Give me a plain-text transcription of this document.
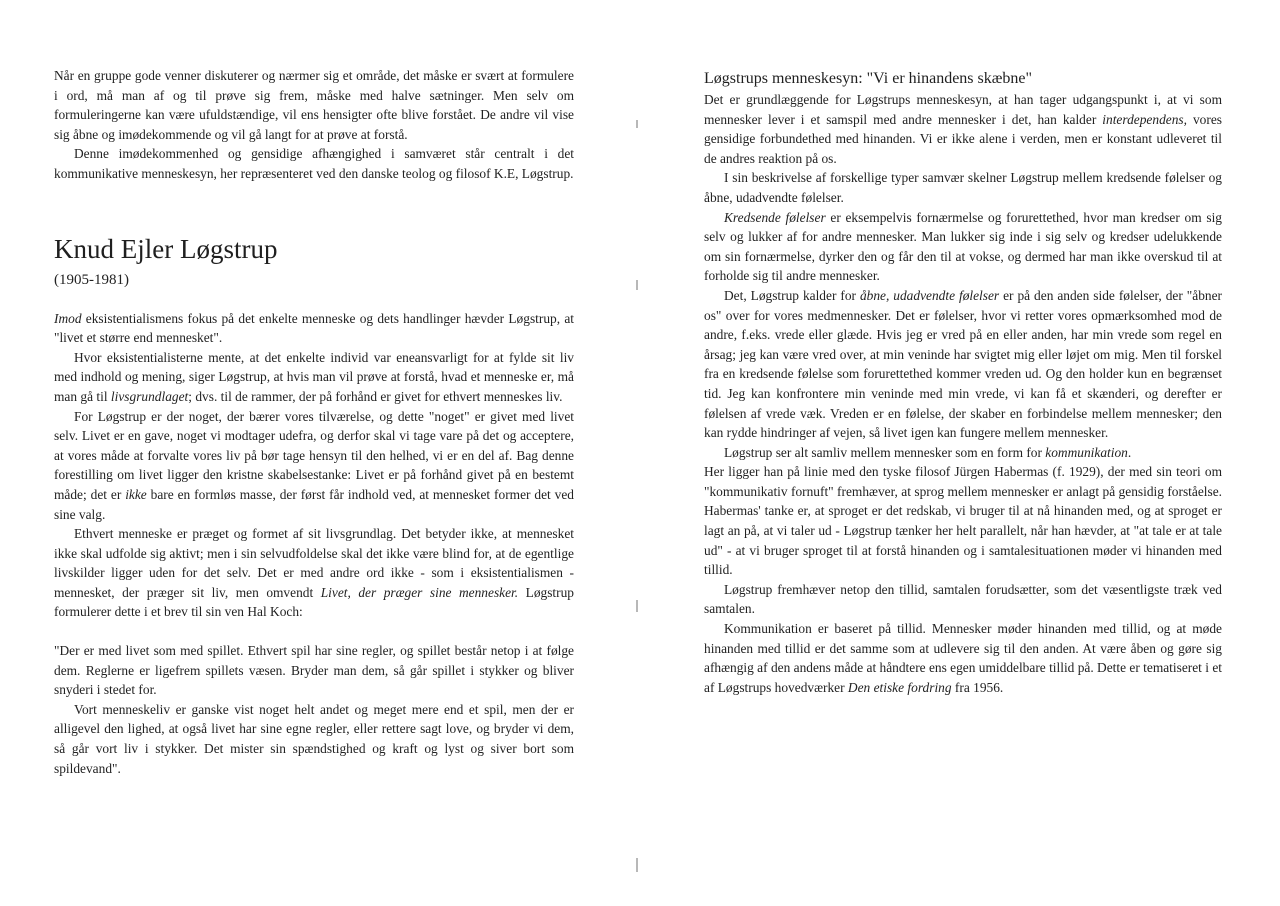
Når en gruppe gode venner diskuterer og nærmer sig et område, det måske er svært at formulere i ord, må man af og til prøve sig frem, måske med halve sætninger. Men selv om formuleringerne kan være ufuldstændige, vil ens hensigter ofte blive forstået. De andre vil vise sig åbne og imødekommende og vil gå langt for at prøve at forstå.

Denne imødekommenhed og gensidige afhængighed i samværet står centralt i det kommunikative menneskesyn, her repræsenteret ved den danske teolog og filosof K.E, Løgstrup.

Knud Ejler Løgstrup
(1905-1981)

Imod eksistentialismens fokus på det enkelte menneske og dets handlinger hævder Løgstrup, at "livet et større end mennesket".

Hvor eksistentialisterne mente, at det enkelte individ var eneansvarligt for at fylde sit liv med indhold og mening, siger Løgstrup, at hvis man vil prøve at forstå, hvad et menneske er, må man gå til livsgrundlaget; dvs. til de rammer, der på forhånd er givet for ethvert menneskes liv.

For Løgstrup er der noget, der bærer vores tilværelse, og dette "noget" er givet med livet selv. Livet er en gave, noget vi modtager udefra, og derfor skal vi tage vare på det og acceptere, at vores måde at forvalte vores liv på bør tage hensyn til den helhed, vi er en del af. Bag denne forestilling om livet ligger den kristne skabelsestanke: Livet er på forhånd givet på en bestemt måde; det er ikke bare en formløs masse, der først får indhold ved, at mennesket former det ved sine valg.

Ethvert menneske er præget og formet af sit livsgrundlag. Det betyder ikke, at mennesket ikke skal udfolde sig aktivt; men i sin selvudfoldelse skal det ikke være blind for, at de egentlige livskilder ligger uden for det selv. Det er med andre ord ikke - som i eksistentialismen - mennesket, der præger sit liv, men omvendt Livet, der præger sine mennesker. Løgstrup formulerer dette i et brev til sin ven Hal Koch:

"Der er med livet som med spillet. Ethvert spil har sine regler, og spillet består netop i at følge dem. Reglerne er ligefrem spillets væsen. Bryder man dem, så går spillet i stykker og bliver snyderi i stedet for.

Vort menneskeliv er ganske vist noget helt andet og meget mere end et spil, men der er alligevel den lighed, at også livet har sine egne regler, eller rettere sagt love, og bryder vi dem, så går vort liv i stykker. Det mister sin spændstighed og kraft og lyst og siver bort som spildevand".

Løgstrups menneskesyn: "Vi er hinandens skæbne"

Det er grundlæggende for Løgstrups menneskesyn, at han tager udgangspunkt i, at vi som mennesker lever i et samspil med andre mennesker i det, han kalder interdependens, vores gensidige forbundethed med hinanden. Vi er ikke alene i verden, men er konstant udleveret til de andres reaktion på os.

I sin beskrivelse af forskellige typer samvær skelner Løgstrup mellem kredsende følelser og åbne, udadvendte følelser.

Kredsende følelser er eksempelvis fornærmelse og forurettethed, hvor man kredser om sig selv og lukker af for andre mennesker. Man lukker sig inde i sig selv og kredser udelukkende om sin fornærmelse, dyrker den og får den til at vokse, og dermed har man ikke overskud til at forholde sig til andre mennesker.

Det, Løgstrup kalder for åbne, udadvendte følelser er på den anden side følelser, der "åbner os" over for vores medmennesker. Det er følelser, hvor vi retter vores opmærksomhed mod de andre, f.eks. vrede eller glæde. Hvis jeg er vred på en eller anden, har min vrede som regel en årsag; jeg kan være vred over, at min veninde har svigtet mig eller løjet om mig. Men til forskel fra en kredsende følelse som forurettethed kommer vreden ud. Og den holder kun en begrænset tid. Jeg kan konfrontere min veninde med min vrede, vi kan få et skænderi, og derefter er følelsen af vrede væk. Vreden er en følelse, der skaber en forbindelse mellem mennesker; den kan rydde hindringer af vejen, så livet igen kan fungere mellem mennesker.

Løgstrup ser alt samliv mellem mennesker som en form for kommunikation.

Her ligger han på linie med den tyske filosof Jürgen Habermas (f. 1929), der med sin teori om "kommunikativ fornuft" fremhæver, at sprog mellem mennesker er anlagt på gensidig forståelse. Habermas' tanke er, at sproget er det redskab, vi bruger til at nå hinanden med, og at sproget er lagt an på, at vi taler ud - Løgstrup tænker her helt parallelt, når han hævder, at "at tale er at tale ud" - at vi bruger sproget til at forstå hinanden og i samtalesituationen møder vi hinanden med tillid.

Løgstrup fremhæver netop den tillid, samtalen forudsætter, som det væsentligste træk ved samtalen.

Kommunikation er baseret på tillid. Mennesker møder hinanden med tillid, og at møde hinanden med tillid er det samme som at udlevere sig til den anden. At være åben og gøre sig afhængig af den andens måde at håndtere ens egen umiddelbare tillid på. Dette er tematiseret i et af Løgstrups hovedværker Den etiske fordring fra 1956.
